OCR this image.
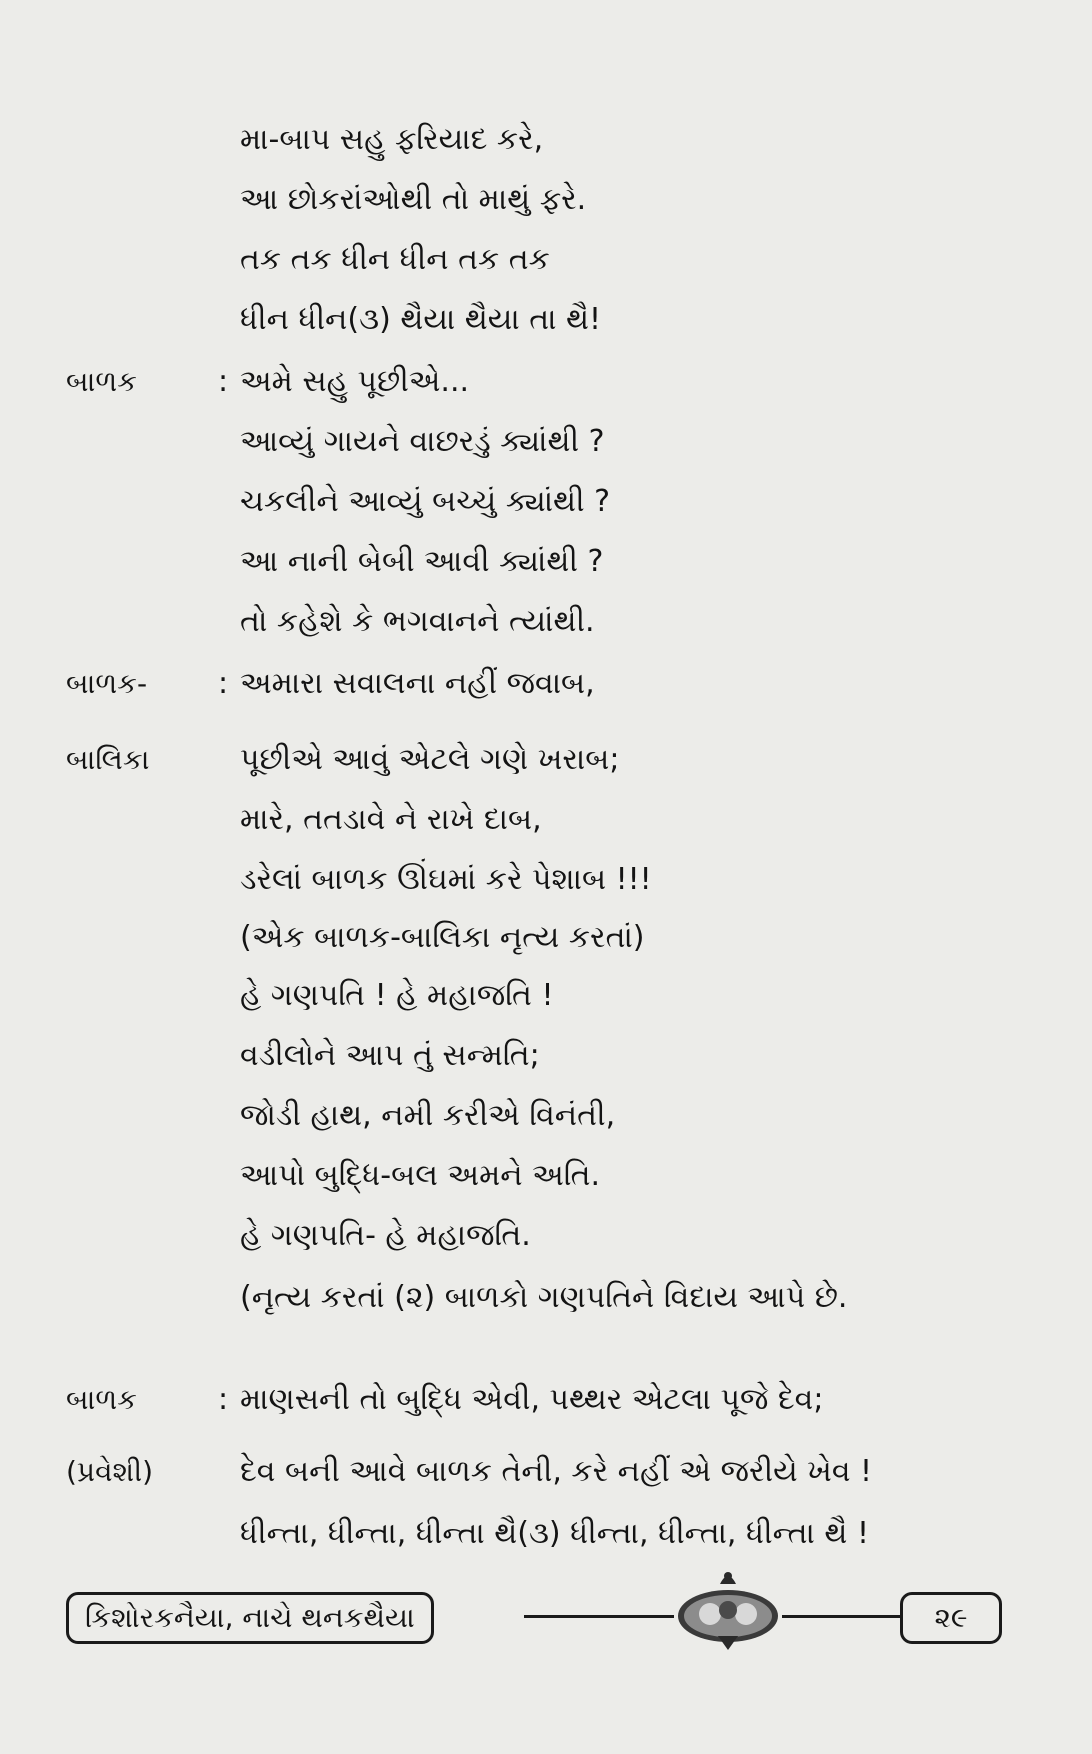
મા-બાપ સહુ ફરિયાદ કરે,
આ છોકરાંઓથી તો માથું ફરે.
તક તક ધીન ધીન તક તક
ધીન ધીન(૩) થૈયા થૈયા તા થૈ!
બાળક	: અમે સહુ પૂછીએ...
આવ્યું ગાયને વાછરડું ક્યાંથી ?
ચકલીને આવ્યું બચ્ચું ક્યાંથી ?
આ નાની બેબી આવી ક્યાંથી ?
તો કહેશે કે ભગવાનને ત્યાંથી.
બાળક- : અમારા સવાલના નહીં જવાબ,
બાલિકા	પૂછીએ આવું એટલે ગણે ખરાબ;
મારે, તતડાવે ને રાખે દાબ,
ડરેલાં બાળક ઊંઘમાં કરે પેશાબ !!!
(એક બાળક-બાલિકા નૃત્ય કરતાં)
હે ગણપતિ ! હે મહાજતિ !
વડીલોને આપ તું સન્મતિ;
જોડી હાથ, નમી કરીએ વિનંતી,
આપો બુદ્ધિ-બલ અમને અતિ.
હે ગણપતિ- હે મહાજતિ.
(નૃત્ય કરતાં (૨) બાળકો ગણપતિને વિદાય આપે છે.
બાળક	: માણસની તો બુદ્ધિ એવી, પથ્થર એટલા પૂજે દેવ;
(પ્રવેશી)	દેવ બની આવે બાળક તેની, કરે નહીં એ જરીયે ખેવ !
ધીન્તા, ધીન્તા, ધીન્તા થૈ(૩) ધીન્તા, ધીન્તા, ધીન્તા થૈ !
કિશોરકનૈયા, નાચે થનકથૈયા	૨૯
